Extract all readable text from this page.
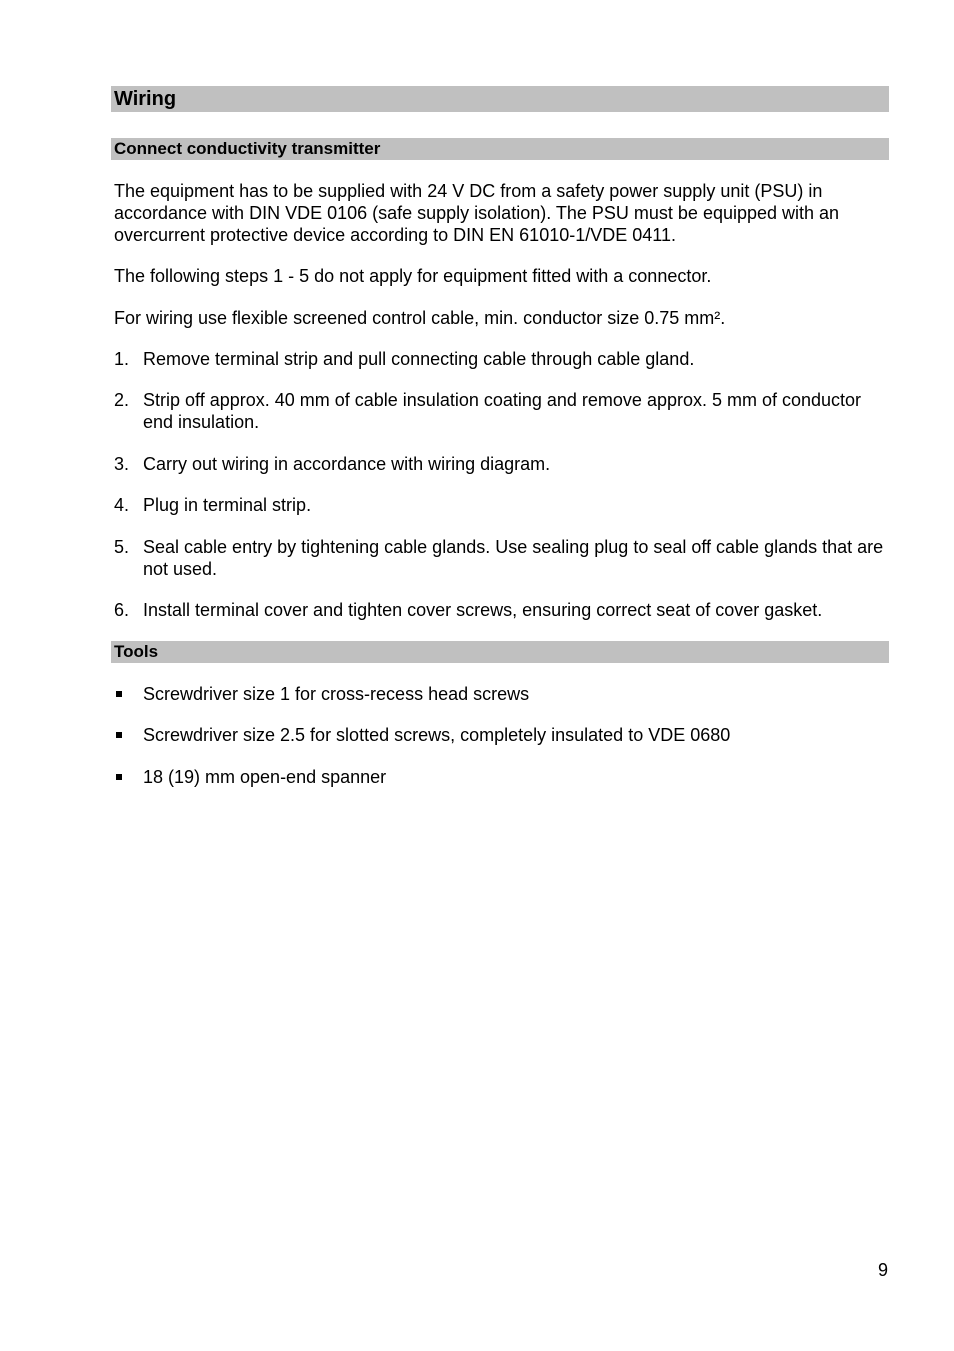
Wiring
Connect conductivity transmitter

The equipment has to be supplied with 24 V DC from a safety power supply unit (PSU) in accordance with DIN VDE 0106 (safe supply isolation). The PSU must be equipped with an overcurrent protective device according to DIN EN 61010-1/VDE 0411.

The following steps 1 - 5 do not apply for equipment fitted with a connector.

For wiring use flexible screened control cable, min. conductor size 0.75 mm².

1. Remove terminal strip and pull connecting cable through cable gland.
2. Strip off approx. 40 mm of cable insulation coating and remove approx. 5 mm of conductor end insulation.
3. Carry out wiring in accordance with wiring diagram.
4. Plug in terminal strip.
5. Seal cable entry by tightening cable glands. Use sealing plug to seal off cable glands that are not used.
6. Install terminal cover and tighten cover screws, ensuring correct seat of cover gasket.
Tools
Screwdriver size 1 for cross-recess head screws
Screwdriver size 2.5 for slotted screws, completely insulated to VDE 0680
18 (19) mm open-end spanner
9
